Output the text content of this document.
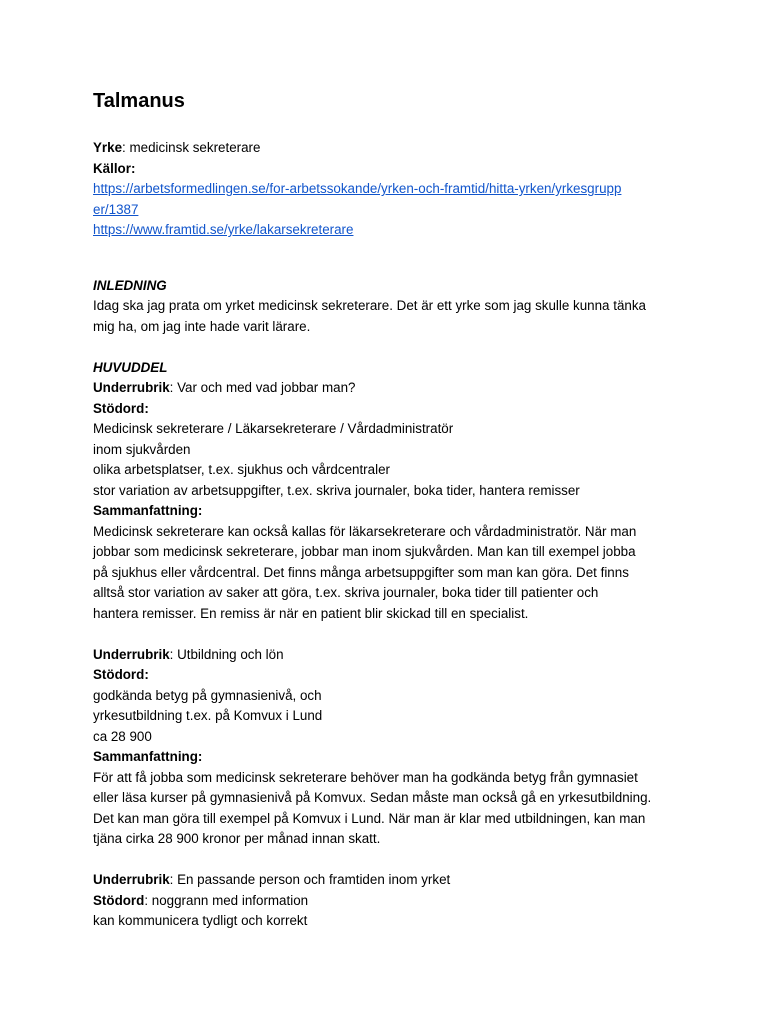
Talmanus
Yrke: medicinsk sekreterare
Källor:
https://arbetsformedlingen.se/for-arbetssokande/yrken-och-framtid/hitta-yrken/yrkesgrupp
er/1387
https://www.framtid.se/yrke/lakarsekreterare
INLEDNING
Idag ska jag prata om yrket medicinsk sekreterare. Det är ett yrke som jag skulle kunna tänka
mig ha, om jag inte hade varit lärare.
HUVUDDEL
Underrubrik: Var och med vad jobbar man?
Stödord:
Medicinsk sekreterare / Läkarsekreterare / Vårdadministratör
inom sjukvården
olika arbetsplatser, t.ex. sjukhus och vårdcentraler
stor variation av arbetsuppgifter, t.ex. skriva journaler, boka tider, hantera remisser
Sammanfattning:
Medicinsk sekreterare kan också kallas för läkarsekreterare och vårdadministratör. När man
jobbar som medicinsk sekreterare, jobbar man inom sjukvården. Man kan till exempel jobba
på sjukhus eller vårdcentral. Det finns många arbetsuppgifter som man kan göra. Det finns
alltså stor variation av saker att göra, t.ex. skriva journaler, boka tider till patienter och
hantera remisser. En remiss är när en patient blir skickad till en specialist.
Underrubrik: Utbildning och lön
Stödord:
godkända betyg på gymnasienivå, och
yrkesutbildning t.ex. på Komvux i Lund
ca 28 900
Sammanfattning:
För att få jobba som medicinsk sekreterare behöver man ha godkända betyg från gymnasiet
eller läsa kurser på gymnasienivå på Komvux. Sedan måste man också gå en yrkesutbildning.
Det kan man göra till exempel på Komvux i Lund. När man är klar med utbildningen, kan man
tjäna cirka 28 900 kronor per månad innan skatt.
Underrubrik: En passande person och framtiden inom yrket
Stödord: noggrann med information
kan kommunicera tydligt och korrekt
